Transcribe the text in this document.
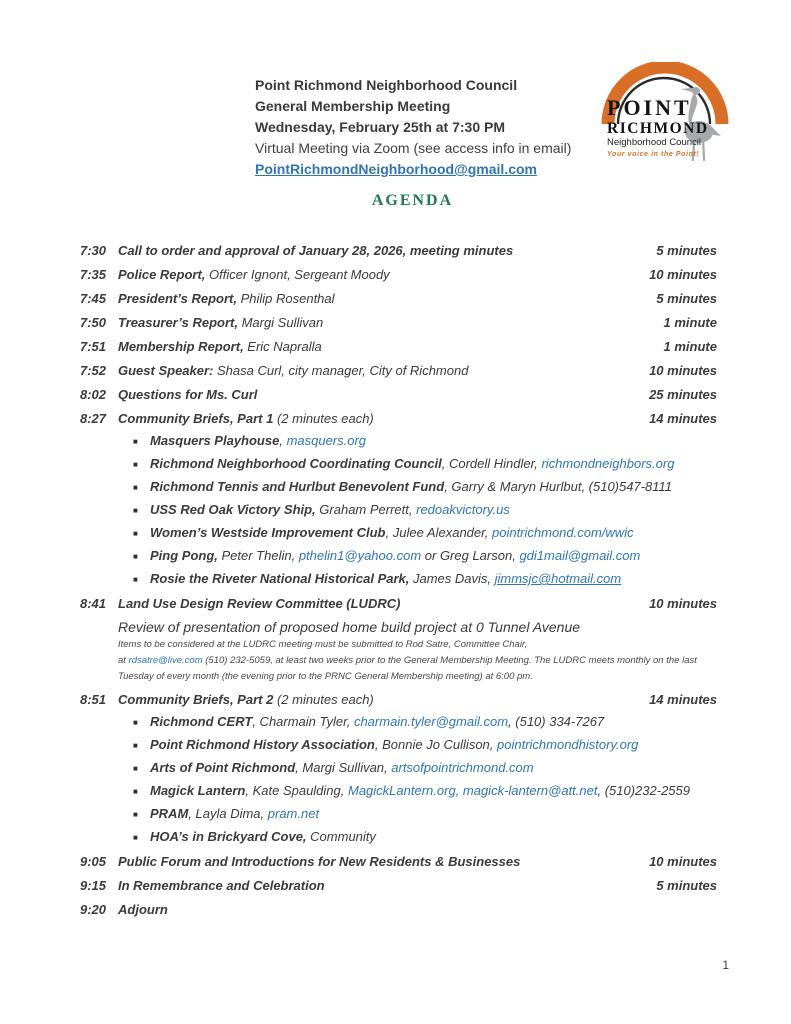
Point Richmond Neighborhood Council
General Membership Meeting
Wednesday, February 25th at 7:30 PM
Virtual Meeting via Zoom (see access info in email)
PointRichmondNeighborhood@gmail.com
POINT
RICHMOND
Neighborhood Council
Your voice in the Point!
AGENDA
7:30 Call to order and approval of January 28, 2026, meeting minutes	5 minutes
7:35 Police Report, Officer Ignont, Sergeant Moody	10 minutes
7:45 President’s Report, Philip Rosenthal	5 minutes
7:50 Treasurer’s Report, Margi Sullivan	1 minute
7:51 Membership Report, Eric Napralla	1 minute
7:52 Guest Speaker: Shasa Curl, city manager, City of Richmond	10 minutes
8:02 Questions for Ms. Curl	25 minutes
8:27 Community Briefs, Part 1 (2 minutes each)	14 minutes
■ Masquers Playhouse, masquers.org
■ Richmond Neighborhood Coordinating Council, Cordell Hindler, richmondneighbors.org
■ Richmond Tennis and Hurlbut Benevolent Fund, Garry & Maryn Hurlbut, (510)547-8111
■ USS Red Oak Victory Ship, Graham Perrett, redoakvictory.us
■ Women’s Westside Improvement Club, Julee Alexander, pointrichmond.com/wwic
■ Ping Pong, Peter Thelin, pthelin1@yahoo.com or Greg Larson, gdi1mail@gmail.com
■ Rosie the Riveter National Historical Park, James Davis, jimmsjc@hotmail.com
8:41 Land Use Design Review Committee (LUDRC)	10 minutes
Review of presentation of proposed home build project at 0 Tunnel Avenue
Items to be considered at the LUDRC meeting must be submitted to Rod Satre, Committee Chair,
at rdsatre@live.com (510) 232-5059, at least two weeks prior to the General Membership Meeting. The LUDRC meets monthly on the last
Tuesday of every month (the evening prior to the PRNC General Membership meeting) at 6:00 pm.
8:51 Community Briefs, Part 2 (2 minutes each)	14 minutes
■ Richmond CERT, Charmain Tyler, charmain.tyler@gmail.com, (510) 334-7267
■ Point Richmond History Association, Bonnie Jo Cullison, pointrichmondhistory.org
■ Arts of Point Richmond, Margi Sullivan, artsofpointrichmond.com
■ Magick Lantern, Kate Spaulding, MagickLantern.org, magick-lantern@att.net, (510)232-2559
■ PRAM, Layla Dima, pram.net
■ HOA’s in Brickyard Cove, Community
9:05 Public Forum and Introductions for New Residents & Businesses	10 minutes
9:15 In Remembrance and Celebration	5 minutes
9:20 Adjourn
1
